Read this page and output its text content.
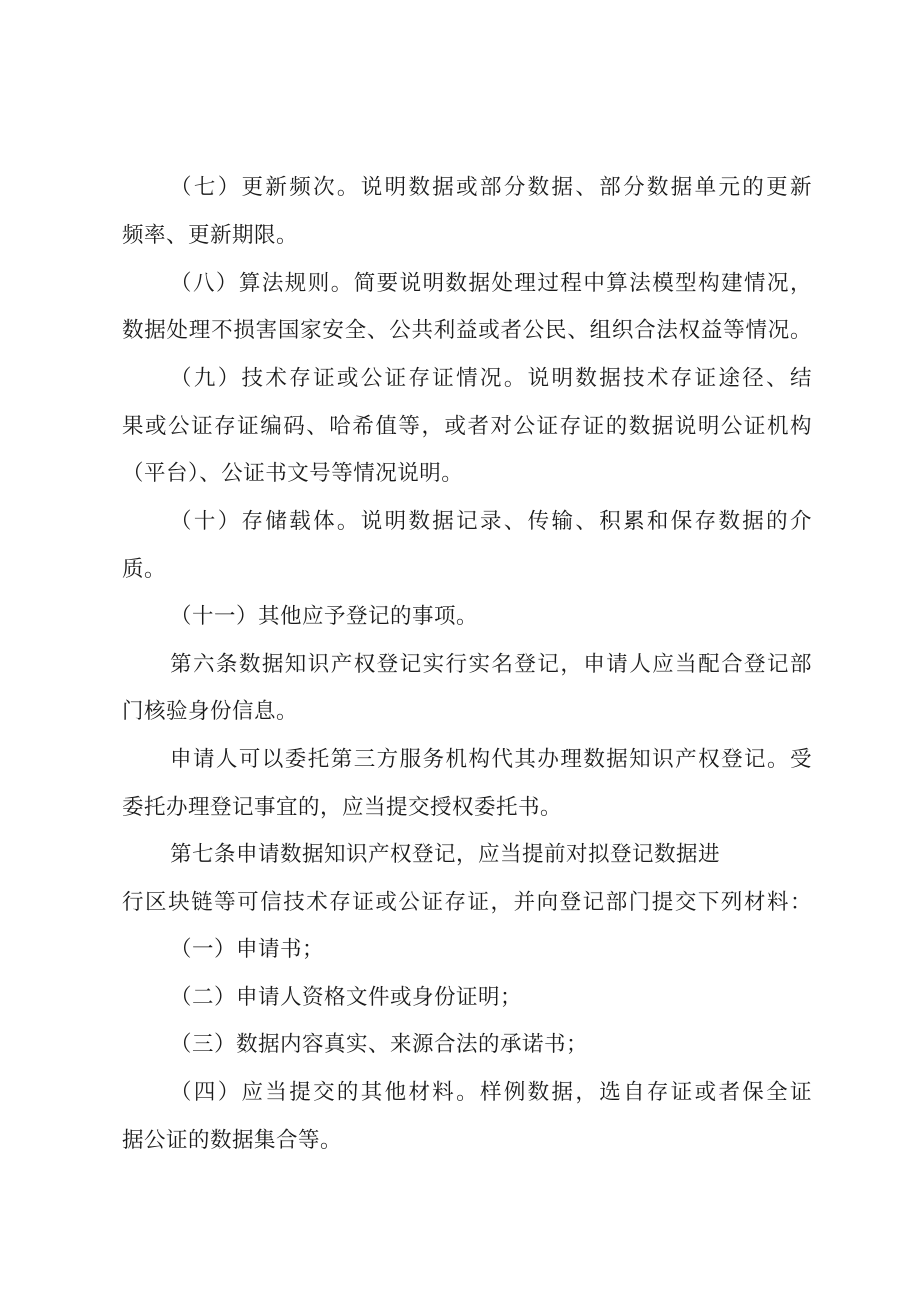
（七）更新频次。说明数据或部分数据、部分数据单元的更新
频率、更新期限。
（八）算法规则。简要说明数据处理过程中算法模型构建情况，
数据处理不损害国家安全、公共利益或者公民、组织合法权益等情况。
（九）技术存证或公证存证情况。说明数据技术存证途径、结
果或公证存证编码、哈希值等，或者对公证存证的数据说明公证机构
（平台）、公证书文号等情况说明。
（十）存储载体。说明数据记录、传输、积累和保存数据的介
质。
（十一）其他应予登记的事项。
第六条数据知识产权登记实行实名登记，申请人应当配合登记部
门核验身份信息。
申请人可以委托第三方服务机构代其办理数据知识产权登记。受
委托办理登记事宜的，应当提交授权委托书。
第七条申请数据知识产权登记，应当提前对拟登记数据进
行区块链等可信技术存证或公证存证，并向登记部门提交下列材料：
（一）申请书；
（二）申请人资格文件或身份证明；
（三）数据内容真实、来源合法的承诺书；
（四）应当提交的其他材料。样例数据，选自存证或者保全证
据公证的数据集合等。
